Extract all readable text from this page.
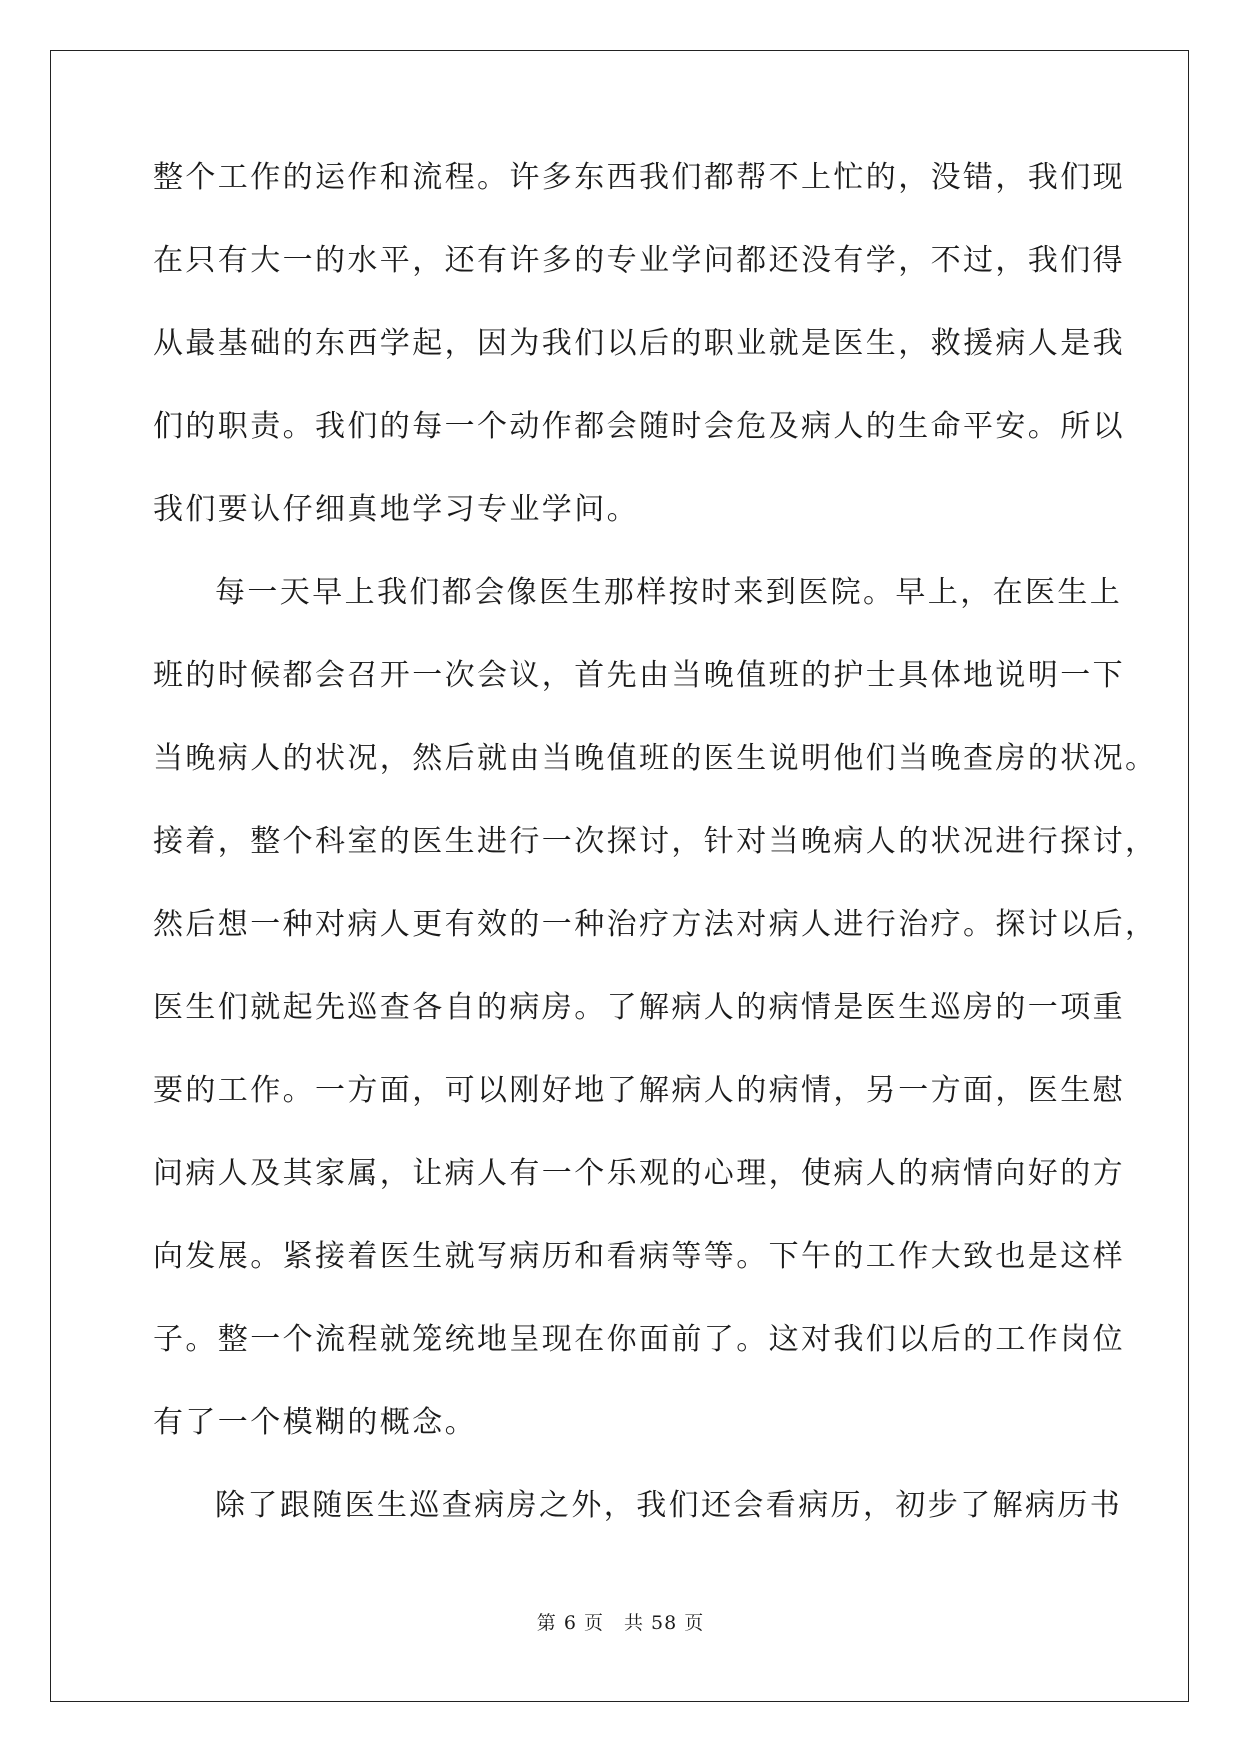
整个工作的运作和流程。许多东西我们都帮不上忙的，没错，我们现
在只有大一的水平，还有许多的专业学问都还没有学，不过，我们得
从最基础的东西学起，因为我们以后的职业就是医生，救援病人是我
们的职责。我们的每一个动作都会随时会危及病人的生命平安。所以
我们要认仔细真地学习专业学问。
每一天早上我们都会像医生那样按时来到医院。早上，在医生上
班的时候都会召开一次会议，首先由当晚值班的护士具体地说明一下
当晚病人的状况，然后就由当晚值班的医生说明他们当晚查房的状况。
接着，整个科室的医生进行一次探讨，针对当晚病人的状况进行探讨，
然后想一种对病人更有效的一种治疗方法对病人进行治疗。探讨以后，
医生们就起先巡查各自的病房。了解病人的病情是医生巡房的一项重
要的工作。一方面，可以刚好地了解病人的病情，另一方面，医生慰
问病人及其家属，让病人有一个乐观的心理，使病人的病情向好的方
向发展。紧接着医生就写病历和看病等等。下午的工作大致也是这样
子。整一个流程就笼统地呈现在你面前了。这对我们以后的工作岗位
有了一个模糊的概念。
除了跟随医生巡查病房之外，我们还会看病历，初步了解病历书
第 6 页 共 58 页
